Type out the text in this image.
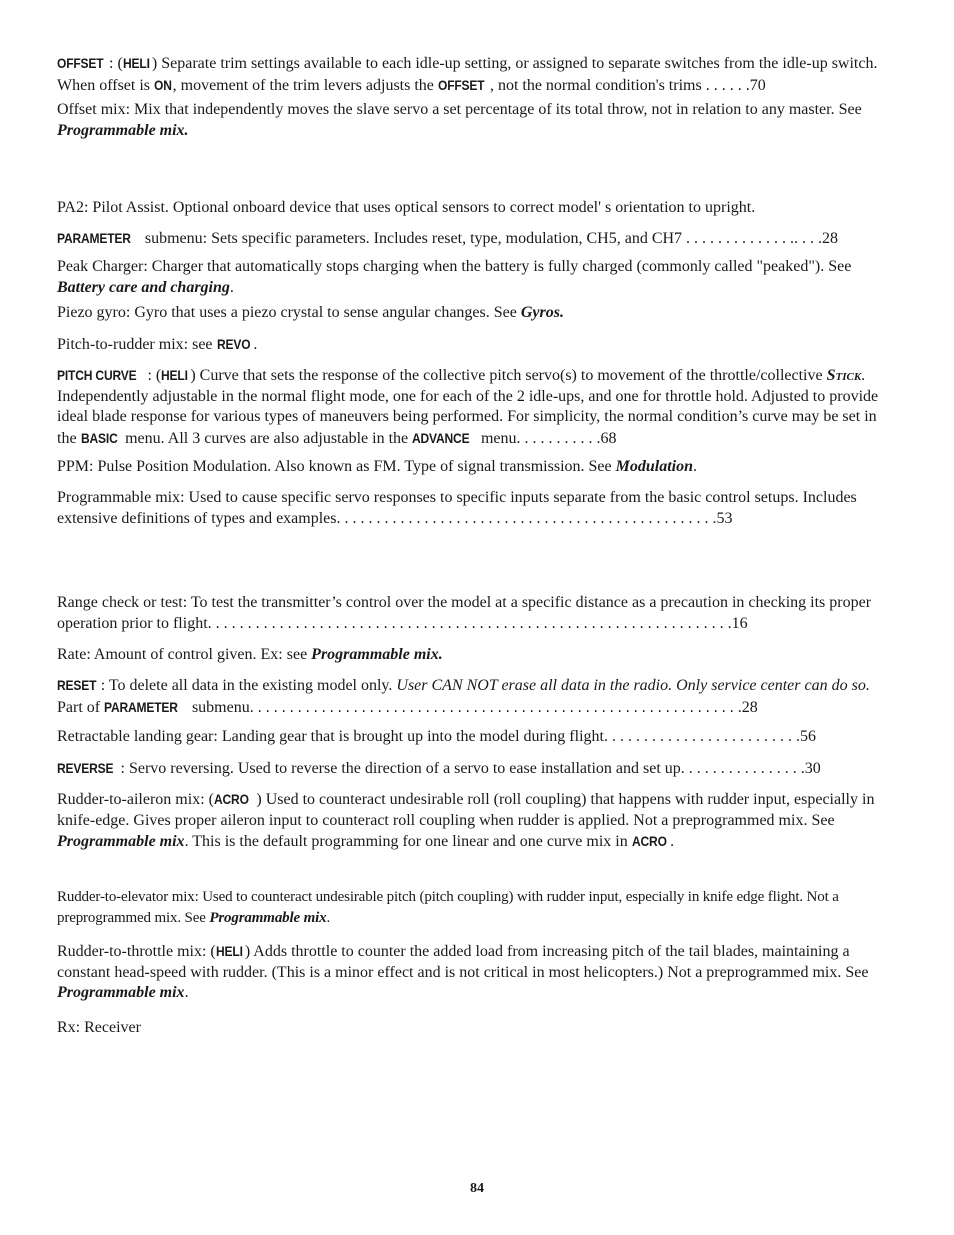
OFFSET : (HELI ) Separate trim settings available to each idle-up setting, or assigned to separate switches from the idle-up switch. When offset is ON, movement of the trim levers adjusts the OFFSET , not the normal condition's trims . . . . . .70

Offset mix: Mix that independently moves the slave servo a set percentage of its total throw, not in relation to any master. See Programmable mix.

PA2: Pilot Assist. Optional onboard device that uses optical sensors to correct model' s orientation to upright.

PARAMETER submenu: Sets specific parameters. Includes reset, type, modulation, CH5, and CH7 . . . . . . . . . . . . . .. . . .28

Peak Charger: Charger that automatically stops charging when the battery is fully charged (commonly called "peaked"). See Battery care and charging.

Piezo gyro: Gyro that uses a piezo crystal to sense angular changes. See Gyros.

Pitch-to-rudder mix: see REVO .

PITCH CURVE : (HELI ) Curve that sets the response of the collective pitch servo(s) to movement of the throttle/collective Stick. Independently adjustable in the normal flight mode, one for each of the 2 idle-ups, and one for throttle hold. Adjusted to provide ideal blade response for various types of maneuvers being performed. For simplicity, the normal condition’s curve may be set in the BASIC menu. All 3 curves are also adjustable in the ADVANCE menu. . . . . . . . . . .68

PPM: Pulse Position Modulation. Also known as FM. Type of signal transmission. See Modulation.

Programmable mix: Used to cause specific servo responses to specific inputs separate from the basic control setups. Includes extensive definitions of types and examples. . . . . . . . . . . . . . . . . . . . . . . . . . . . . . . . . . . . . . . . . . . . . . . .53

Range check or test: To test the transmitter’s control over the model at a specific distance as a precaution in checking its proper operation prior to flight. . . . . . . . . . . . . . . . . . . . . . . . . . . . . . . . . . . . . . . . . . . . . . . . . . . . . . . . . . . . . . . . . .16

Rate: Amount of control given. Ex: see Programmable mix.

RESET : To delete all data in the existing model only. User CAN NOT erase all data in the radio. Only service center can do so. Part of PARAMETER submenu. . . . . . . . . . . . . . . . . . . . . . . . . . . . . . . . . . . . . . . . . . . . . . . . . . . . . . . . . . . . . .28

Retractable landing gear: Landing gear that is brought up into the model during flight. . . . . . . . . . . . . . . . . . . . . . . . .56

REVERSE : Servo reversing. Used to reverse the direction of a servo to ease installation and set up. . . . . . . . . . . . . . . .30

Rudder-to-aileron mix: (ACRO ) Used to counteract undesirable roll (roll coupling) that happens with rudder input, especially in knife-edge. Gives proper aileron input to counteract roll coupling when rudder is applied. Not a preprogrammed mix. See Programmable mix. This is the default programming for one linear and one curve mix in ACRO .

Rudder-to-elevator mix: Used to counteract undesirable pitch (pitch coupling) with rudder input, especially in knife edge flight. Not a preprogrammed mix. See Programmable mix.

Rudder-to-throttle mix: (HELI ) Adds throttle to counter the added load from increasing pitch of the tail blades, maintaining a constant head-speed with rudder. (This is a minor effect and is not critical in most helicopters.) Not a preprogrammed mix. See Programmable mix.

Rx: Receiver

84
